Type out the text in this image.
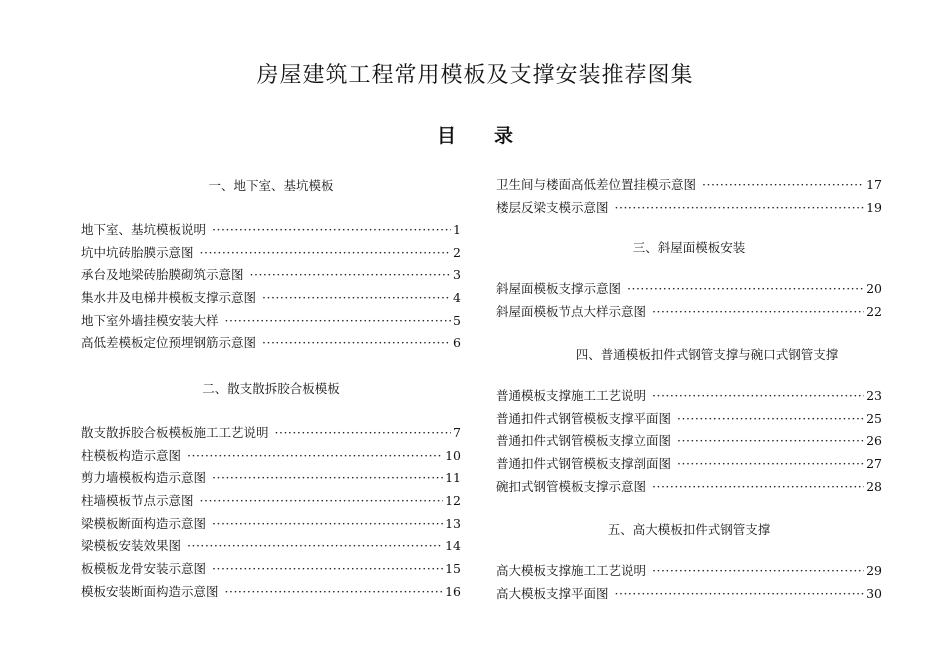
房屋建筑工程常用模板及支撑安装推荐图集
目　　录
一、地下室、基坑模板
地下室、基坑模板说明 ·····	1
坑中坑砖胎膜示意图 ·····	2
承台及地梁砖胎膜砌筑示意图 ·····	3
集水井及电梯井模板支撑示意图 ·····	4
地下室外墙挂模安装大样 ·····	5
高低差模板定位预埋钢筋示意图 ·····	6
二、散支散拆胶合板模板
散支散拆胶合板模板施工工艺说明 ·····	7
柱模板构造示意图 ·····	10
剪力墙模板构造示意图 ·····	11
柱墙模板节点示意图 ·····	12
梁模板断面构造示意图 ·····	13
梁模板安装效果图 ·····	14
板模板龙骨安装示意图 ·····	15
模板安装断面构造示意图 ·····	16
卫生间与楼面高低差位置挂模示意图 ·····	17
楼层反梁支模示意图 ·····	19
三、斜屋面模板安装
斜屋面模板支撑示意图 ·····	20
斜屋面模板节点大样示意图 ·····	22
四、普通模板扣件式钢管支撑与碗口式钢管支撑
普通模板支撑施工工艺说明 ·····	23
普通扣件式钢管模板支撑平面图 ·····	25
普通扣件式钢管模板支撑立面图 ·····	26
普通扣件式钢管模板支撑剖面图 ·····	27
碗扣式钢管模板支撑示意图 ·····	28
五、高大模板扣件式钢管支撑
高大模板支撑施工工艺说明 ·····	29
高大模板支撑平面图 ·····	30
